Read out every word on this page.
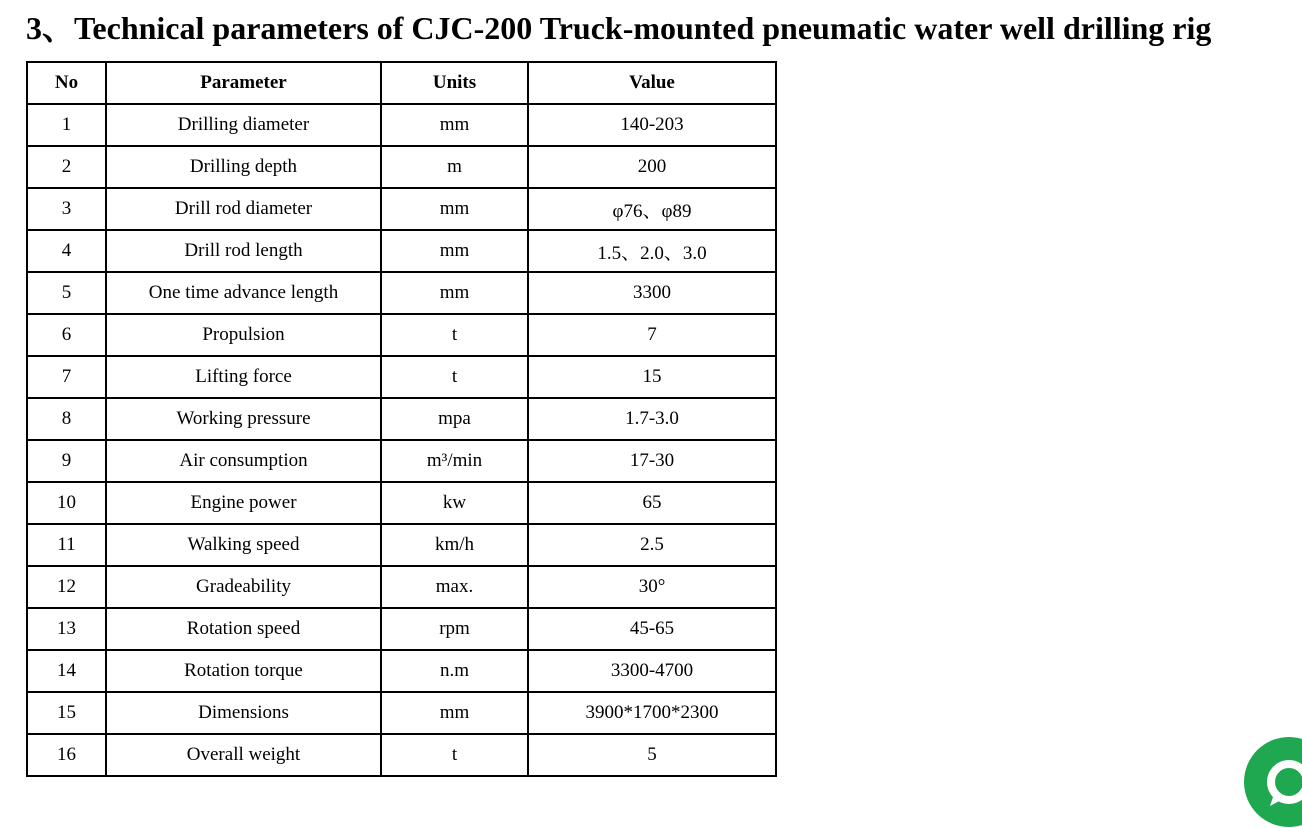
3、Technical parameters of CJC-200 Truck-mounted pneumatic water well drilling rig
No	Parameter	Units	Value
1	Drilling diameter	mm	140-203
2	Drilling depth	m	200
3	Drill rod diameter	mm	φ76、φ89
4	Drill rod length	mm	1.5、2.0、3.0
5	One time advance length	mm	3300
6	Propulsion	t	7
7	Lifting force	t	15
8	Working pressure	mpa	1.7-3.0
9	Air consumption	m³/min	17-30
10	Engine power	kw	65
11	Walking speed	km/h	2.5
12	Gradeability	max.	30°
13	Rotation speed	rpm	45-65
14	Rotation torque	n.m	3300-4700
15	Dimensions	mm	3900*1700*2300
16	Overall weight	t	5
